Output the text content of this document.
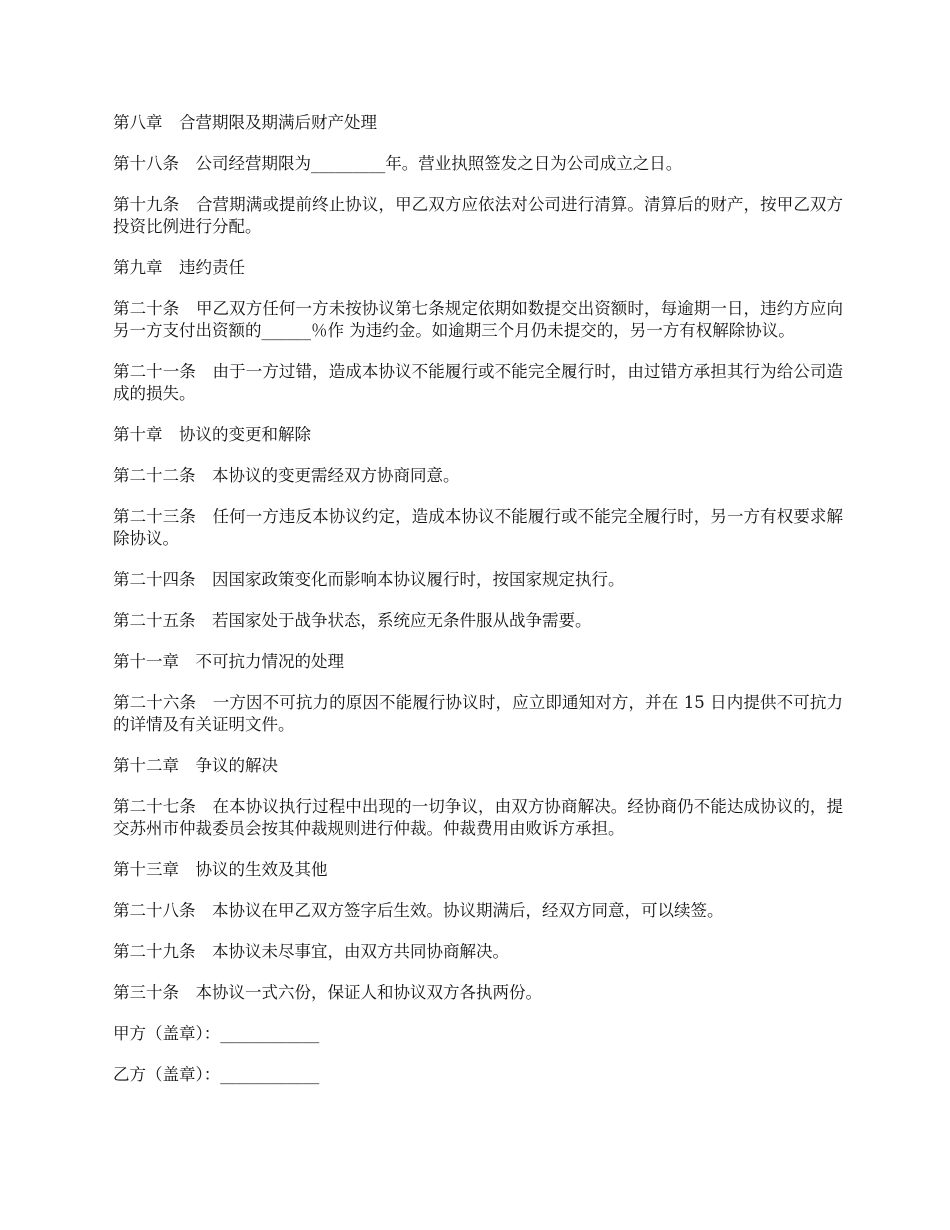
第八章　合营期限及期满后财产处理

第十八条　公司经营期限为_________年。营业执照签发之日为公司成立之日。

第十九条　合营期满或提前终止协议，甲乙双方应依法对公司进行清算。清算后的财产，按甲乙双方投资比例进行分配。

第九章　违约责任

第二十条　甲乙双方任何一方未按协议第七条规定依期如数提交出资额时，每逾期一日，违约方应向另一方支付出资额的______％作 为违约金。如逾期三个月仍未提交的，另一方有权解除协议。

第二十一条　由于一方过错，造成本协议不能履行或不能完全履行时，由过错方承担其行为给公司造成的损失。

第十章　协议的变更和解除

第二十二条　本协议的变更需经双方协商同意。

第二十三条　任何一方违反本协议约定，造成本协议不能履行或不能完全履行时，另一方有权要求解除协议。

第二十四条　因国家政策变化而影响本协议履行时，按国家规定执行。

第二十五条　若国家处于战争状态，系统应无条件服从战争需要。

第十一章　不可抗力情况的处理

第二十六条　一方因不可抗力的原因不能履行协议时，应立即通知对方，并在 15 日内提供不可抗力的详情及有关证明文件。

第十二章　争议的解决

第二十七条　在本协议执行过程中出现的一切争议，由双方协商解决。经协商仍不能达成协议的，提交苏州市仲裁委员会按其仲裁规则进行仲裁。仲裁费用由败诉方承担。

第十三章　协议的生效及其他

第二十八条　本协议在甲乙双方签字后生效。协议期满后，经双方同意，可以续签。

第二十九条　本协议未尽事宜，由双方共同协商解决。

第三十条　本协议一式六份，保证人和协议双方各执两份。

甲方（盖章）：____________

乙方（盖章）：____________
